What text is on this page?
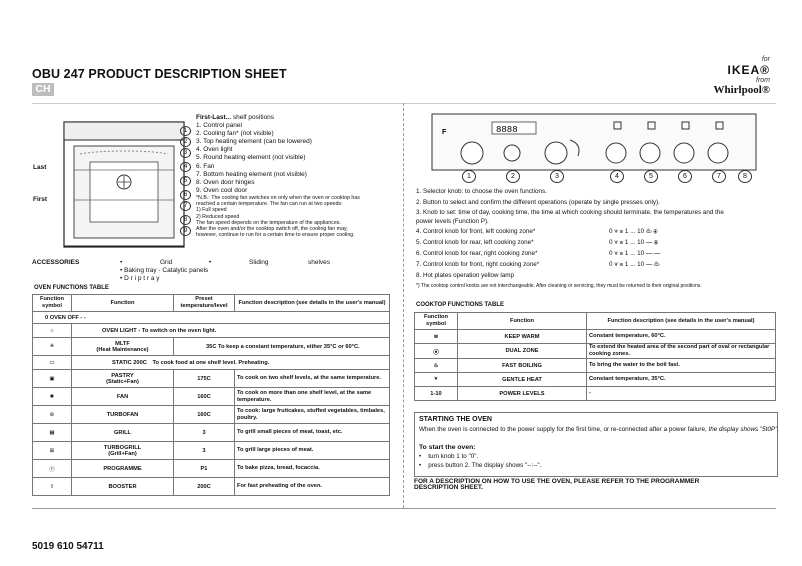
OBU 247 PRODUCT DESCRIPTION SHEET
CH
for
IKEA®
from
Whirlpool®
Last
First
1
2
3
4
5
6
7
8
9
First-Last... shelf positions
1. Control panel
2. Cooling fan* (not visible)
3. Top heating element (can be lowered)
4. Oven light
5. Round heating element (not visible)
6. Fan
7. Bottom heating element (not visible)
8. Oven door hinges
9. Oven cool door
*N.B.: The cooling fan switches on only when the oven or cooktop has
reached a certain temperature. The fan can run at two speeds:
1) Full speed
2) Reduced speed
The fan speed depends on the temperature of the appliances.
After the oven and/or the cooktop switch off, the cooling fan may,
however, continue to run for a certain time to ensure proper cooling.
ACCESSORIES	•	Grid	•	Sliding	shelves
• Baking tray - Catalytic panels
• D r i p t r a y
OVEN FUNCTIONS TABLE
Function symbol	Function	Preset temperature/level	Function description (see details in the user's manual)
0 OVEN OFF - -			
☼	OVEN LIGHT - To switch on the oven light.		
≙	MLTF
(Heat Maintenance)	35C To keep a constant temperature, either 35°C or 60°C.	
▭	STATIC 200C To cook food at one shelf level. Preheating.		
▣	PASTRY
(Static+Fan)	175C	To cook on two shelf levels, at the same temperature.
✺	FAN	160C	To cook on more than one shelf level, at the same temperature.
⊛	TURBOFAN	160C	To cook: large fruitcakes, stuffed vegetables, timbales, poultry.
▦	GRILL	3	To grill small pieces of meat, toast, etc.
⊞	TURBOGRILL
(Grill+Fan)	3	To grill large pieces of meat.
Ⓟ	PROGRAMME	P1	To bake pizza, bread, focaccia.
⇧	BOOSTER	200C	For fast preheating of the oven.
F	8888
1	2	3	4	5	6	7	8
1. Selector knob: to choose the oven functions.
2. Button to select and confirm the different operations (operate by single presses only).
3. Knob to set: time of day, cooking time, the time at which cooking should terminate, the temperatures and the
power levels (Function P).
4. Control knob for front, left cooking zone*	0 ⩛ ≋ 1 ... 10 ♨ ⦿
5. Control knob for rear, left cooking zone*	0 ⩛ ≋ 1 ... 10 ━ ⦿
6. Control knob for rear, right cooking zone*	0 ⩛ ≋ 1 ... 10 ━ ━
7. Control knob for front, right cooking zone*	0 ⩛ ≋ 1 ... 10 ━ ♨
8. Hot plates operation yellow lamp
*) The cooktop control knobs are not interchangeable. After cleaning or servicing, they must be returned to their original positions.
COOKTOP FUNCTIONS TABLE
Function symbol	Function	Function description (see details in the user's manual)
≋	KEEP WARM	Constant temperature, 60°C.
⦿	DUAL ZONE	To extend the heated area of the second part of oval or rectangular cooking zones.
♨	FAST BOILING	To bring the water to the boil fast.
⩛	GENTLE HEAT	Constant temperature, 35°C.
1-10	POWER LEVELS	-
STARTING THE OVEN
When the oven is connected to the power supply for the first time, or re-connected after a power failure, the display shows "5t0P".
To start the oven:
•    turn knob 1 to "0".
•    press button 2. The display shows "--:--".
FOR A DESCRIPTION ON HOW TO USE THE OVEN, PLEASE REFER TO THE PROGRAMMER DESCRIPTION SHEET.
5019 610 54711
